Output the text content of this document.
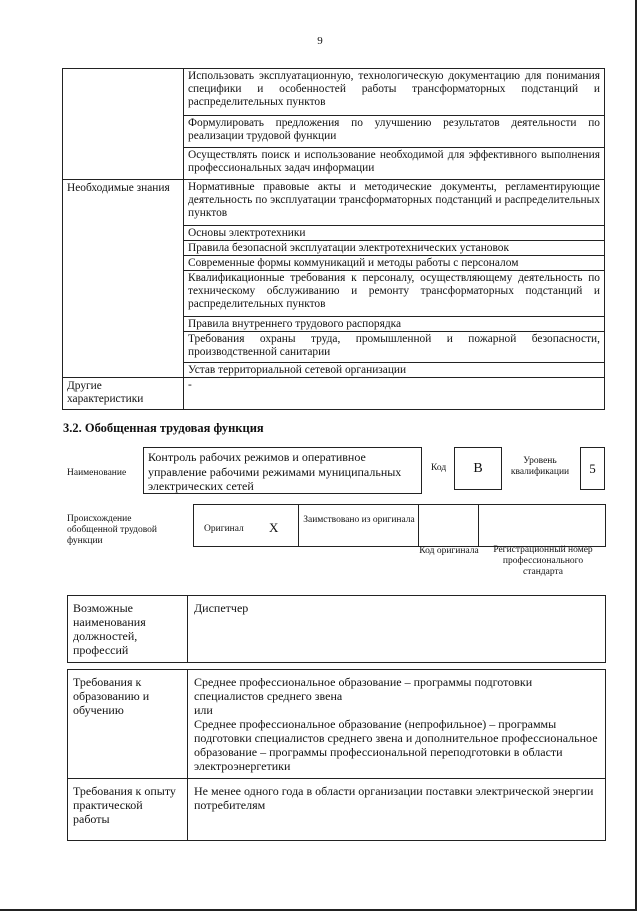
9
	Использовать эксплуатационную, технологическую документацию для понимания специфики и особенностей работы трансформаторных подстанций и распределительных пунктов
	Формулировать предложения по улучшению результатов деятельности по реализации трудовой функции
	Осуществлять поиск и использование необходимой для эффективного выполнения профессиональных задач информации
Необходимые знания	Нормативные правовые акты и методические документы, регламентирующие деятельность по эксплуатации трансформаторных подстанций и распределительных пунктов
	Основы электротехники
	Правила безопасной эксплуатации электротехнических установок
	Современные формы коммуникаций и методы работы с персоналом
	Квалификационные требования к персоналу, осуществляющему деятельность по техническому обслуживанию и ремонту трансформаторных подстанций и распределительных пунктов
	Правила внутреннего трудового распорядка
	Требования охраны труда, промышленной и пожарной безопасности, производственной санитарии
	Устав территориальной сетевой организации
Другие характеристики	-
3.2. Обобщенная трудовая функция
Наименование
Контроль рабочих режимов и оперативное управление рабочими режимами муниципальных электрических сетей
Код	B	Уровень квалификации	5
Происхождение обобщенной трудовой функции
Оригинал X	Заимствовано из оригинала
Код оригинала	Регистрационный номер профессионального стандарта
Возможные наименования должностей, профессий	Диспетчер
Требования к образованию и обучению	Среднее профессиональное образование – программы подготовки специалистов среднего звена
или
Среднее профессиональное образование (непрофильное) – программы подготовки специалистов среднего звена и дополнительное профессиональное образование – программы профессиональной переподготовки в области электроэнергетики

Требования к опыту практической работы	Не менее одного года в области организации поставки электрической энергии потребителям
